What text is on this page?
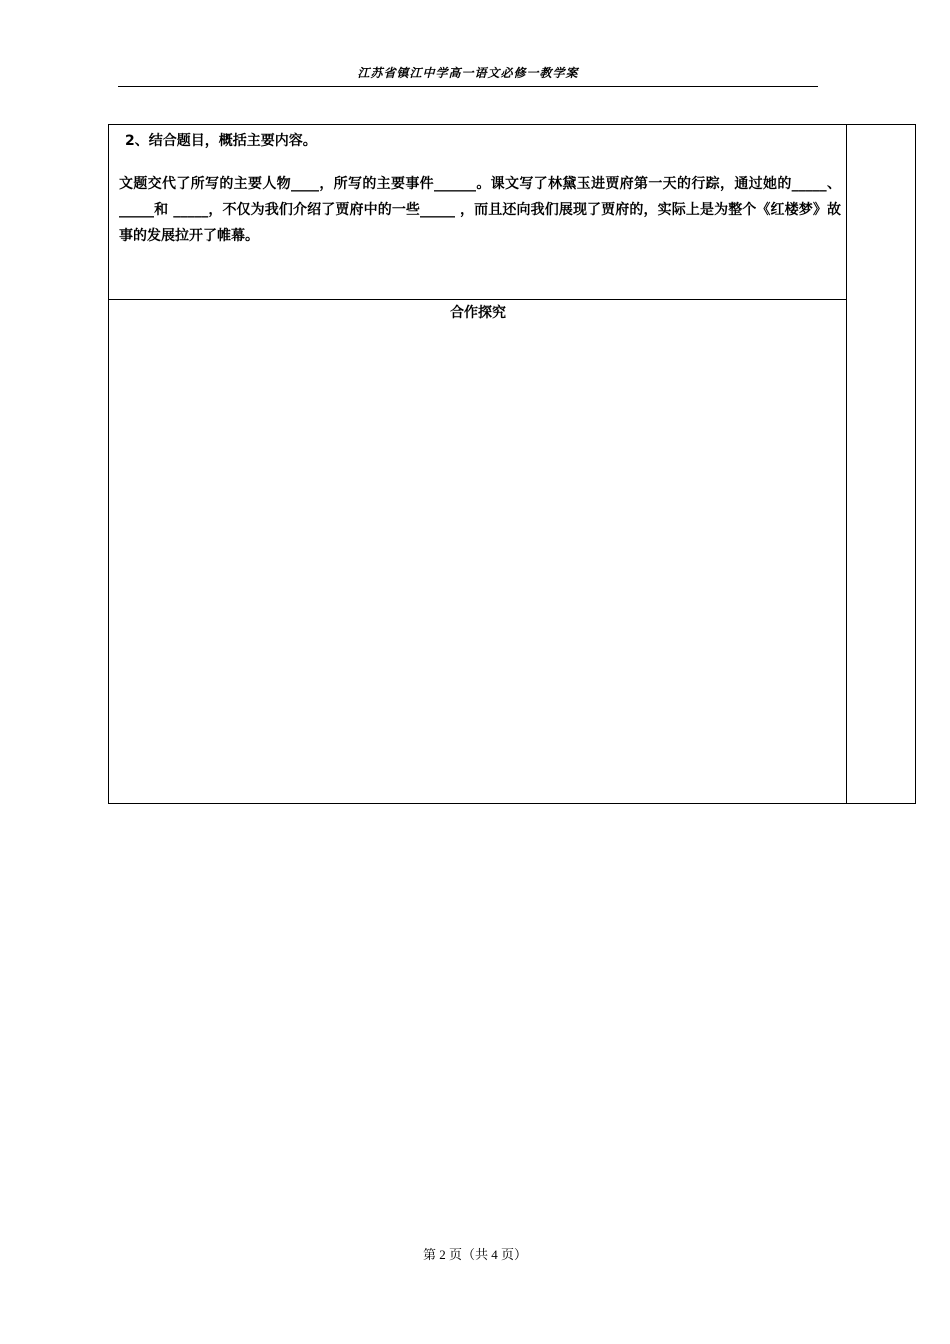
江苏省镇江中学高一语文必修一教学案
2、结合题目，概括主要内容。
文题交代了所写的主要人物____，所写的主要事件______。课文写了林黛玉进贾府第一天的行踪，通过她的_____、_____和 _____，不仅为我们介绍了贾府中的一些_____ ，而且还向我们展现了贾府的，实际上是为整个《红楼梦》故事的发展拉开了帷幕。
合作探究
第 2 页（共 4 页）
